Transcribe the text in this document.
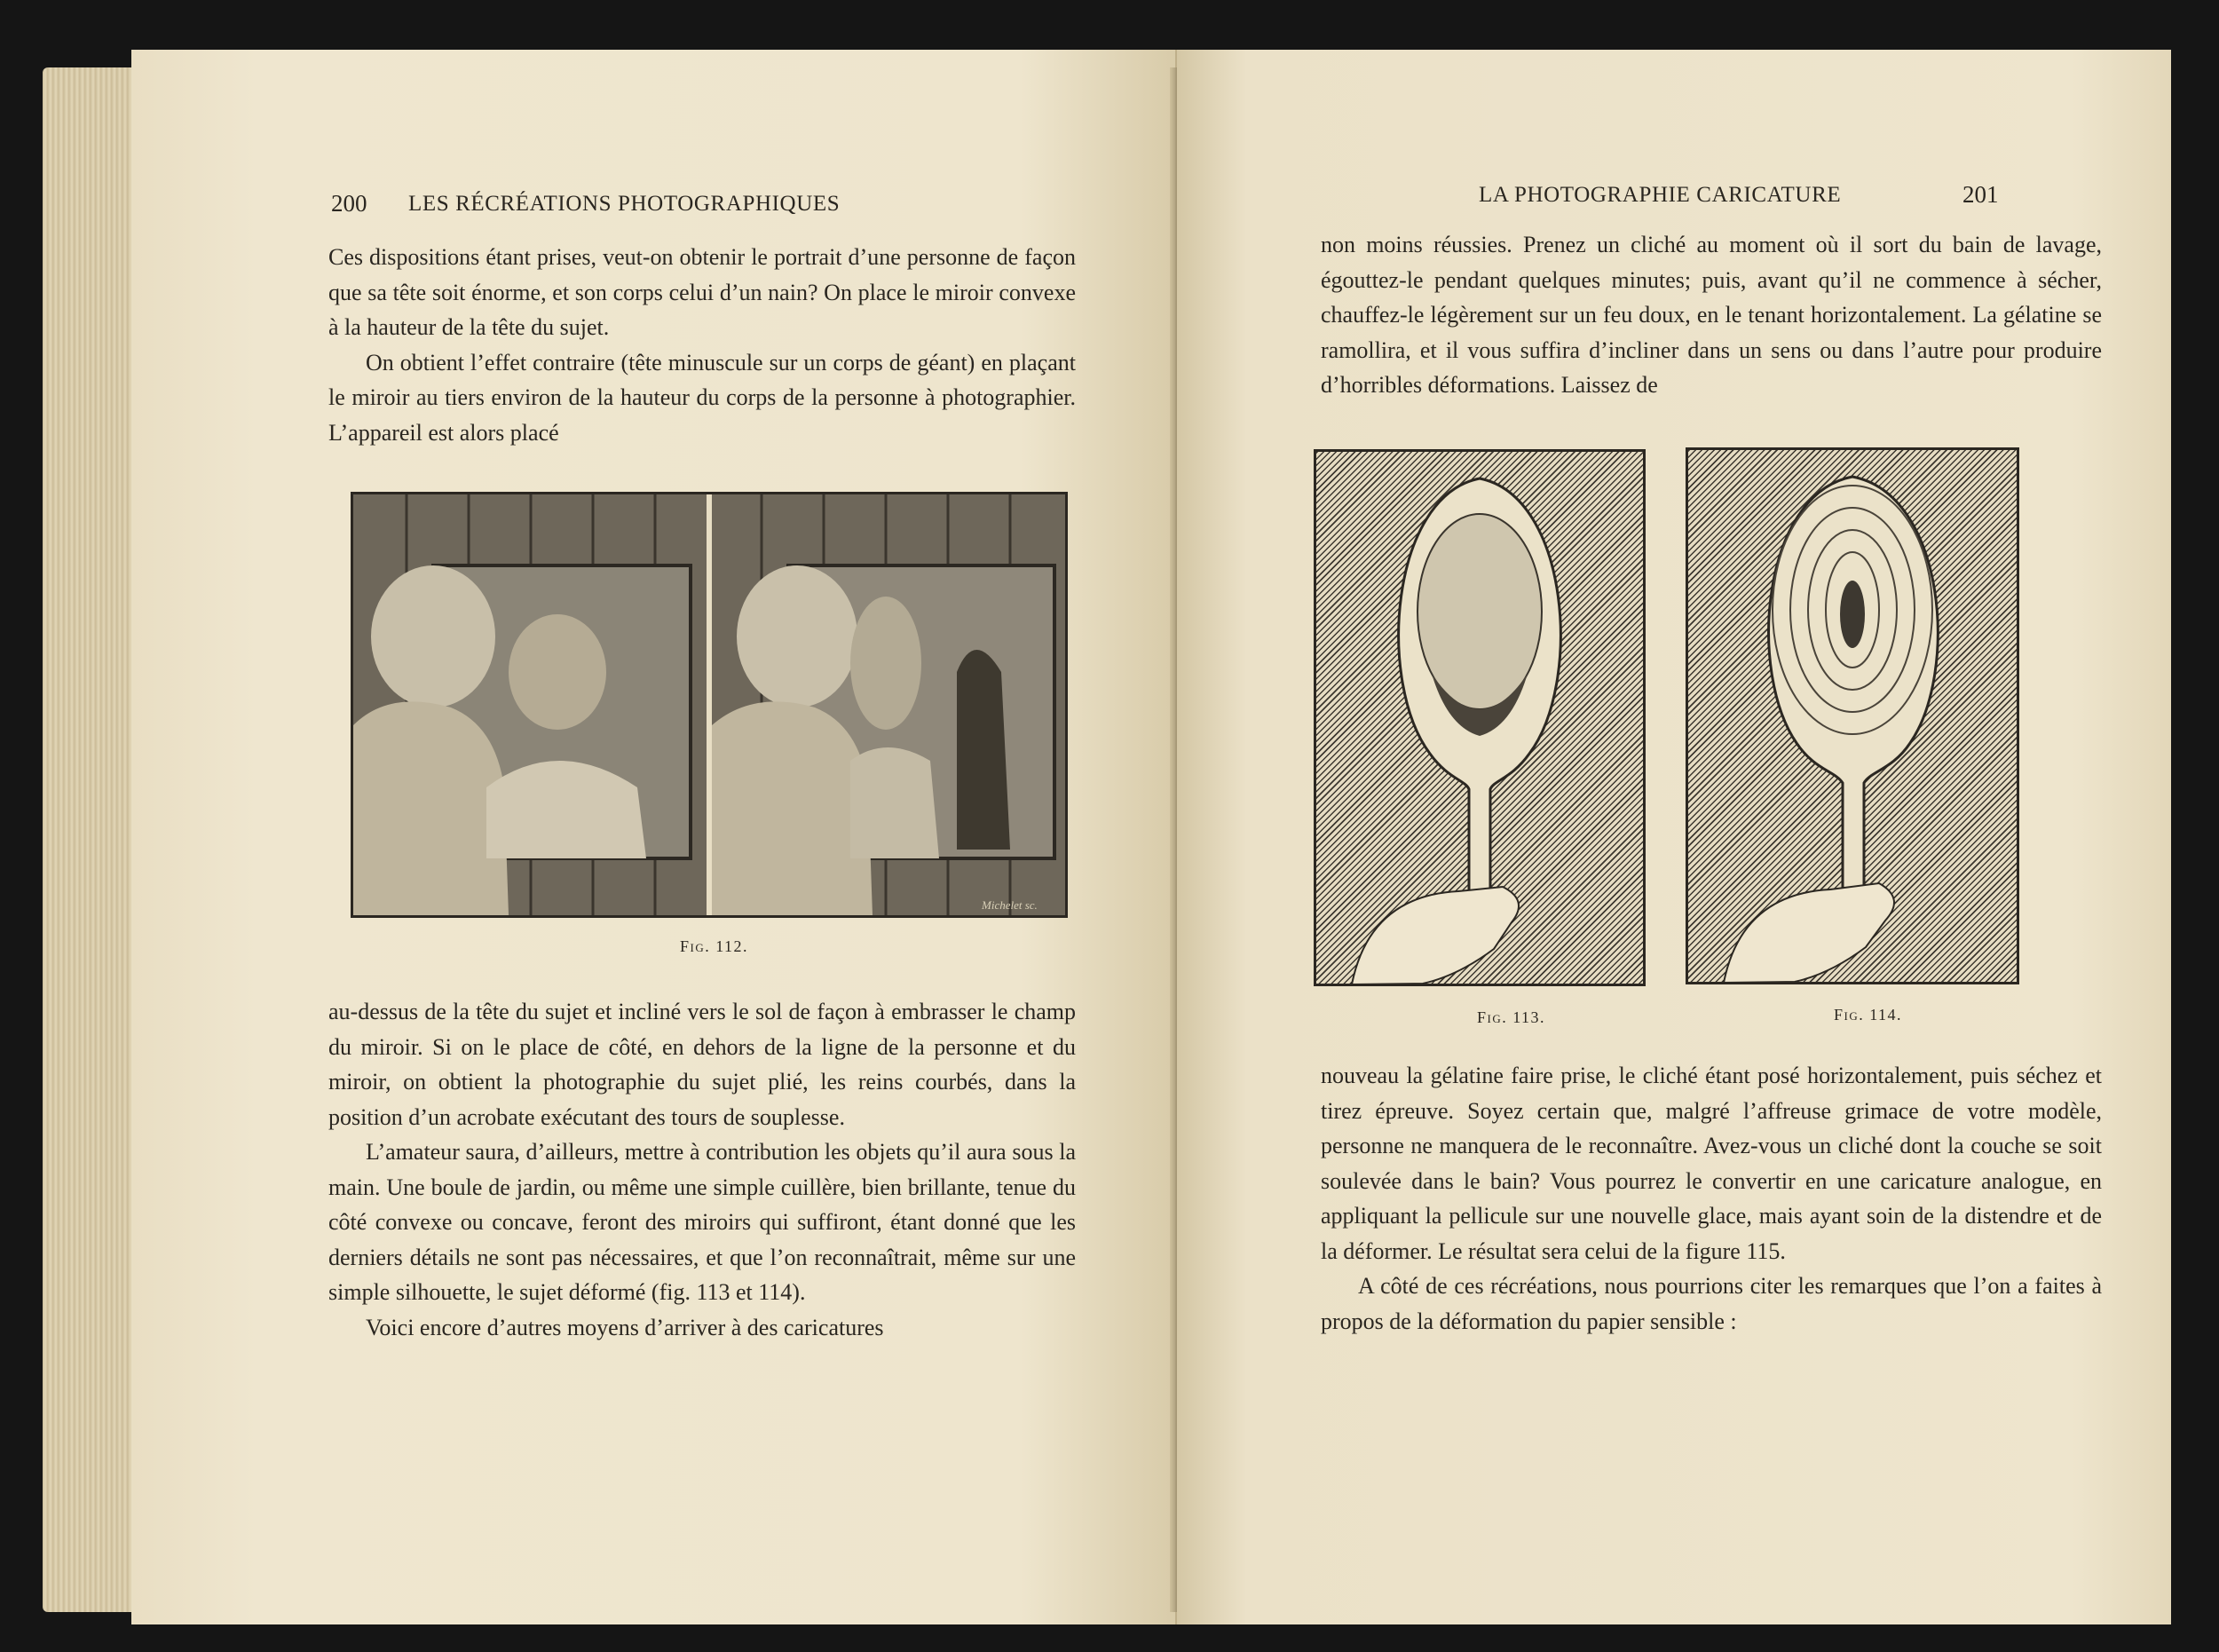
200 LES RÉCRÉATIONS PHOTOGRAPHIQUES

Ces dispositions étant prises, veut-on obtenir le portrait d’une personne de façon que sa tête soit énorme, et son corps celui d’un nain? On place le miroir convexe à la hauteur de la tête du sujet.

On obtient l’effet contraire (tête minuscule sur un corps de géant) en plaçant le miroir au tiers environ de la hauteur du corps de la personne à photographier. L’appareil est alors placé

Michelet sc.
Fig. 112.

au-dessus de la tête du sujet et incliné vers le sol de façon à embrasser le champ du miroir. Si on le place de côté, en dehors de la ligne de la personne et du miroir, on obtient la photographie du sujet plié, les reins courbés, dans la position d’un acrobate exécutant des tours de souplesse.

L’amateur saura, d’ailleurs, mettre à contribution les objets qu’il aura sous la main. Une boule de jardin, ou même une simple cuillère, bien brillante, tenue du côté convexe ou concave, feront des miroirs qui suffiront, étant donné que les derniers détails ne sont pas nécessaires, et que l’on reconnaîtrait, même sur une simple silhouette, le sujet déformé (fig. 113 et 114).

Voici encore d’autres moyens d’arriver à des caricatures

LA PHOTOGRAPHIE CARICATURE	201

non moins réussies. Prenez un cliché au moment où il sort du bain de lavage, égouttez-le pendant quelques minutes; puis, avant qu’il ne commence à sécher, chauffez-le légèrement sur un feu doux, en le tenant horizontalement. La gélatine se ramollira, et il vous suffira d’incliner dans un sens ou dans l’autre pour produire d’horribles déformations. Laissez de

Fig. 113.	Fig. 114.

nouveau la gélatine faire prise, le cliché étant posé horizontalement, puis séchez et tirez épreuve. Soyez certain que, malgré l’affreuse grimace de votre modèle, personne ne manquera de le reconnaître. Avez-vous un cliché dont la couche se soit soulevée dans le bain? Vous pourrez le convertir en une caricature analogue, en appliquant la pellicule sur une nouvelle glace, mais ayant soin de la distendre et de la déformer. Le résultat sera celui de la figure 115.

A côté de ces récréations, nous pourrions citer les remarques que l’on a faites à propos de la déformation du papier sensible :
